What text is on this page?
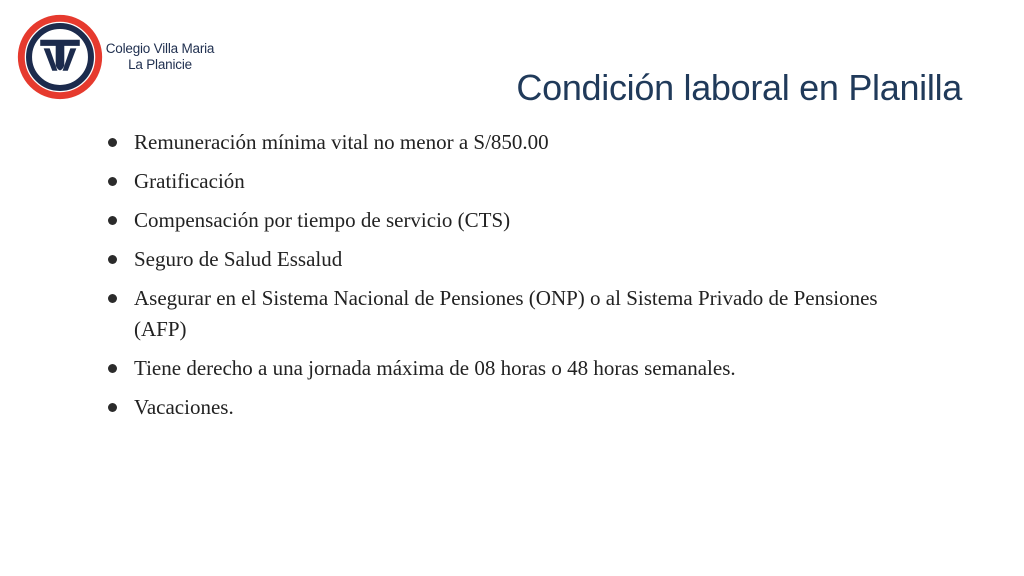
Colegio Villa Maria
La Planicie
Condición laboral en Planilla
Remuneración mínima vital no menor a S/850.00
Gratificación
Compensación por tiempo de servicio (CTS)
Seguro de Salud Essalud
Asegurar en el Sistema Nacional de Pensiones (ONP) o al Sistema Privado de Pensiones (AFP)
Tiene derecho a una jornada máxima de 08 horas o 48 horas semanales.
Vacaciones.
